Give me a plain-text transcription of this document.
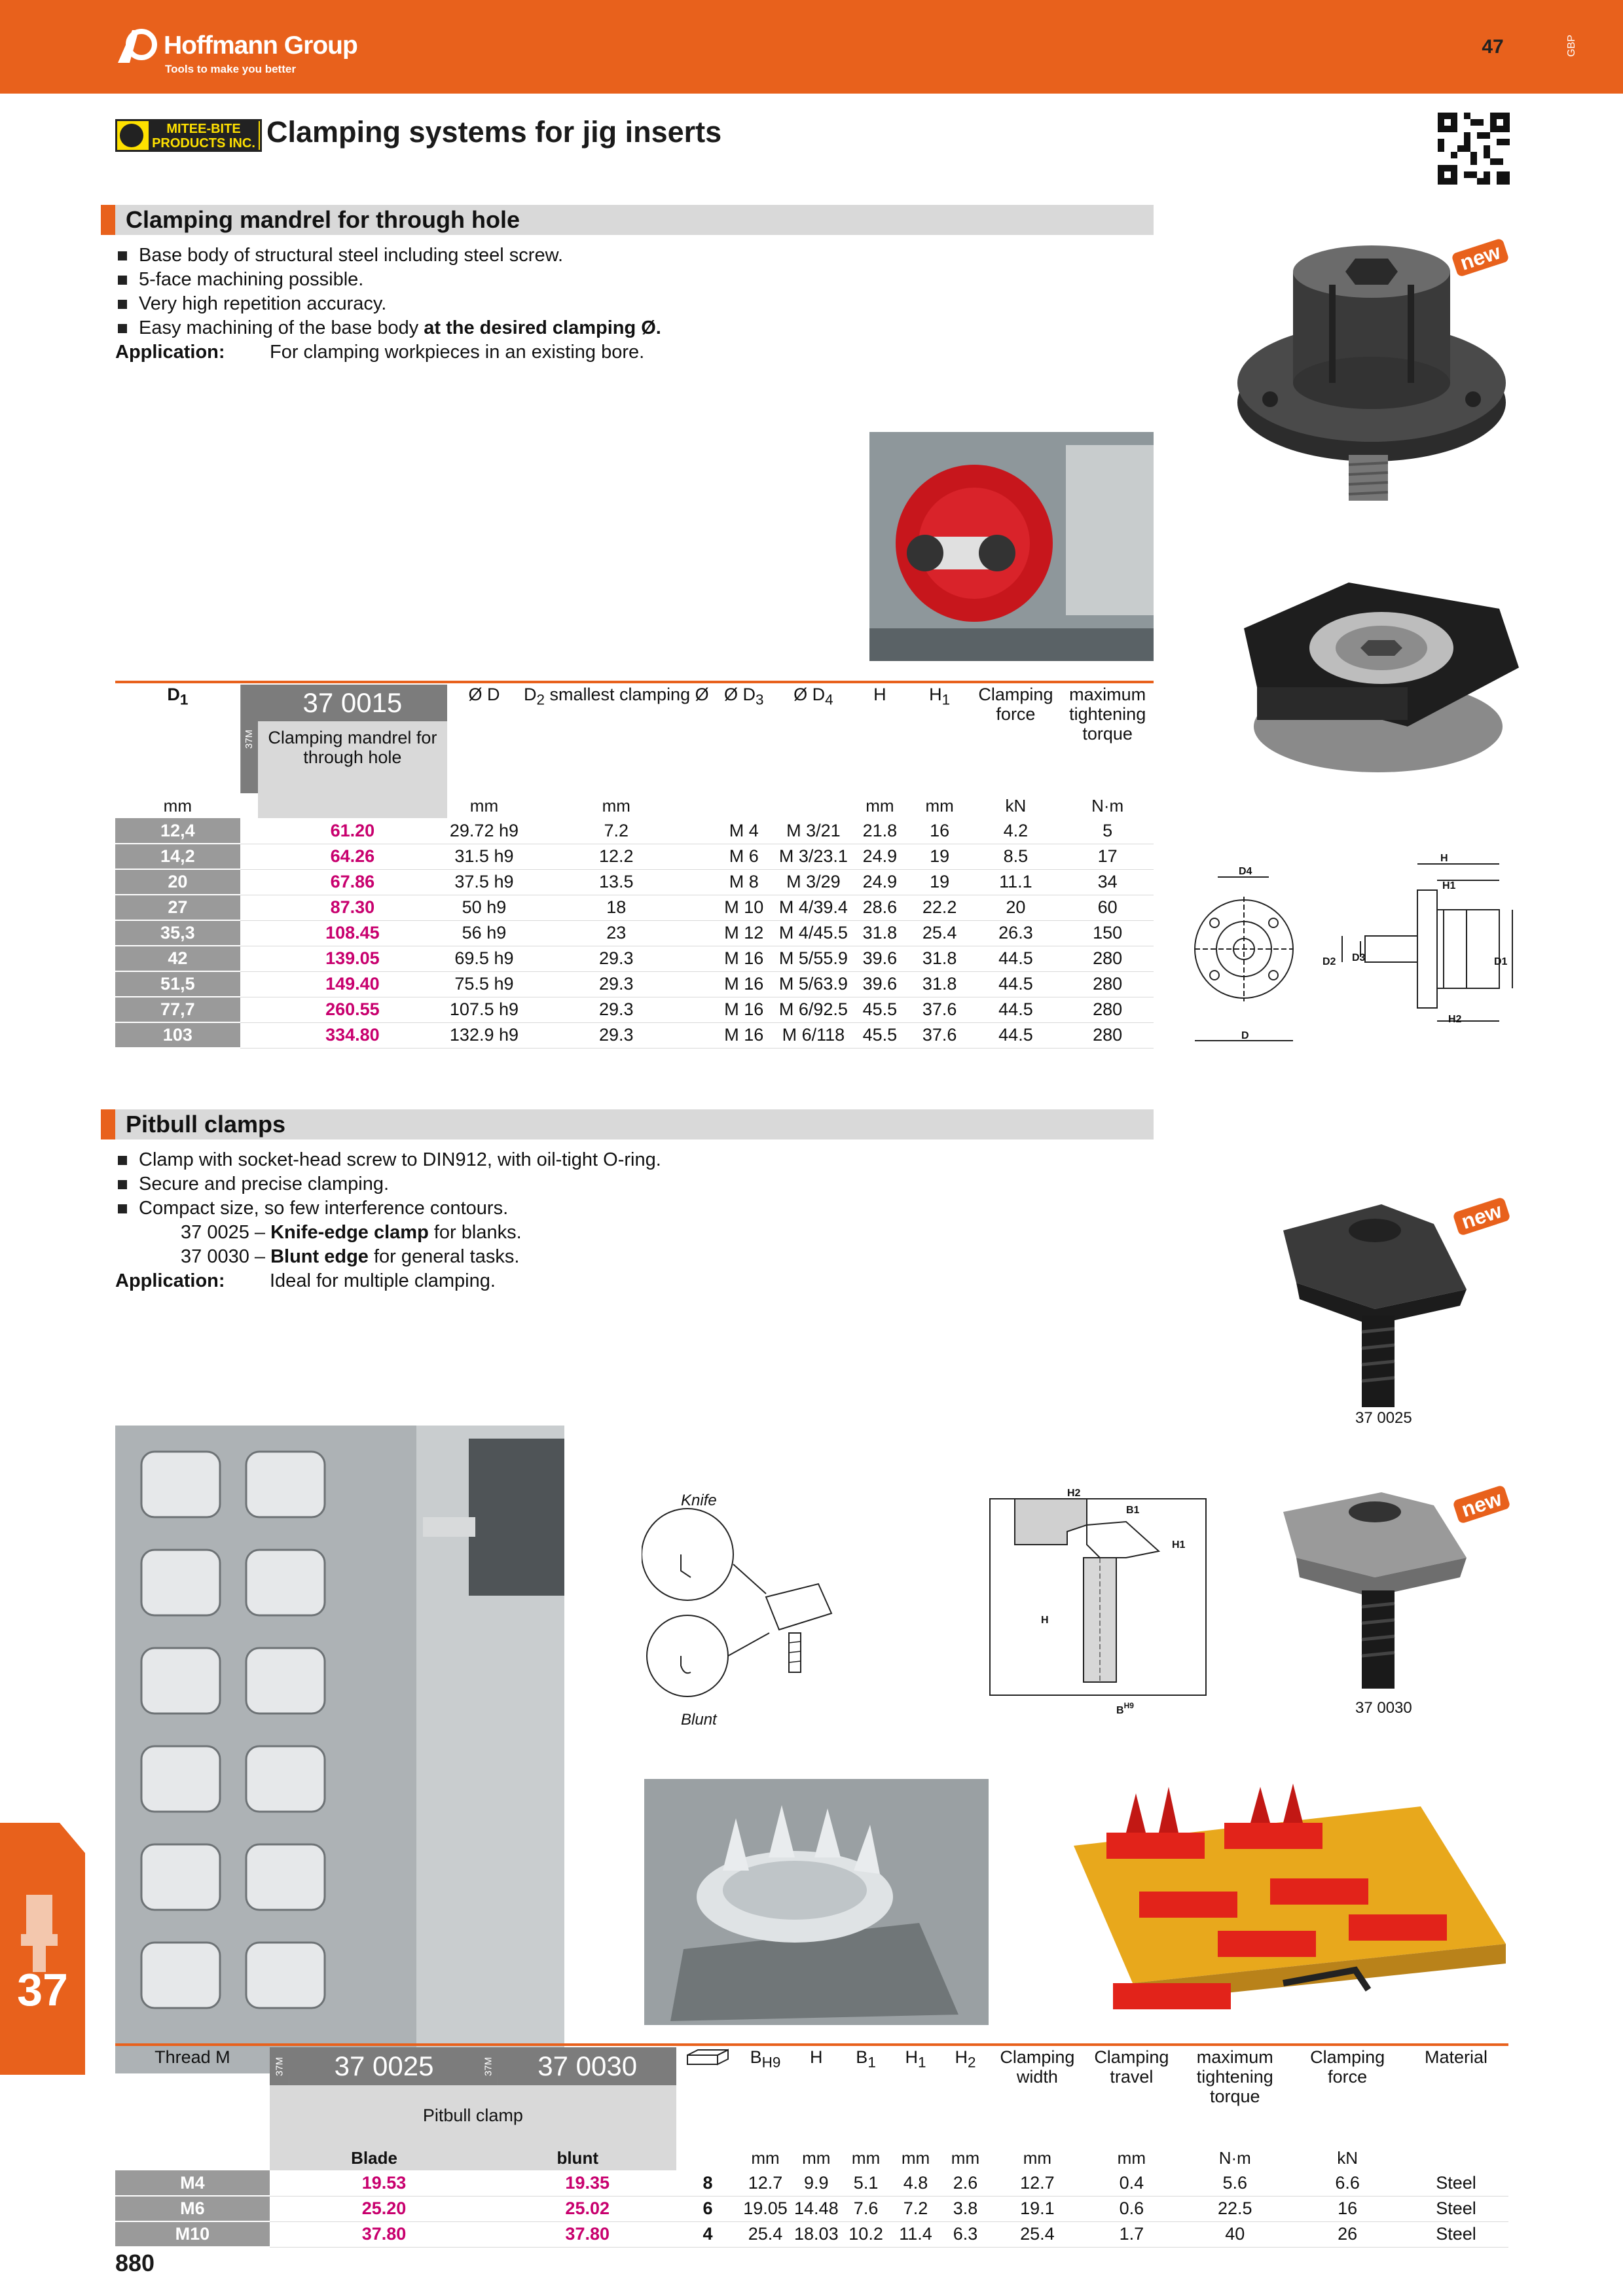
Hoffmann Group
Tools to make you better
47	GBP
MITEE-BITE PRODUCTS INC. Clamping systems for jig inserts
Clamping mandrel for through hole
Base body of structural steel including steel screw.
5-face machining possible.
Very high repetition accuracy.
Easy machining of the base body at the desired clamping Ø.
Application: For clamping workpieces in an existing bore.
new
D4
D
H
H1
D2 D3	D1
H2
$D_1$	37M	37 0015	Ø D	$D_2$ smallest clamping Ø	Ø $D_3$	Ø $D_4$	H	$H_1$	Clamping force	maximum tightening torque
		Clamping mandrel for through hole								

mm			mm	mm			mm	mm	kN	N·m
12,4		61.20	29.72 h9	7.2	M 4	M 3/21	21.8	16	4.2	5
14,2		64.26	31.5 h9	12.2	M 6	M 3/23.1	24.9	19	8.5	17
20		67.86	37.5 h9	13.5	M 8	M 3/29	24.9	19	11.1	34
27		87.30	50 h9	18	M 10	M 4/39.4	28.6	22.2	20	60
35,3		108.45	56 h9	23	M 12	M 4/45.5	31.8	25.4	26.3	150
42		139.05	69.5 h9	29.3	M 16	M 5/55.9	39.6	31.8	44.5	280
51,5		149.40	75.5 h9	29.3	M 16	M 5/63.9	39.6	31.8	44.5	280
77,7		260.55	107.5 h9	29.3	M 16	M 6/92.5	45.5	37.6	44.5	280
103		334.80	132.9 h9	29.3	M 16	M 6/118	45.5	37.6	44.5	280
Pitbull clamps
Clamp with socket-head screw to DIN912, with oil-tight O-ring.
Secure and precise clamping.
Compact size, so few interference contours.
37 0025 – Knife-edge clamp for blanks.
37 0030 – Blunt edge for general tasks.
Application: Ideal for multiple clamping.
new
37 0025
new
37 0030
Knife
Blunt
H2
B1
H1
H
$B^{H9}$
Thread M	37M	37 0025	37M	37 0030		$B_{H9}$	H	$B_1$	$H_1$	$H_2$	Clamping width	Clamping travel	maximum tightening torque	Clamping force	Material
	Pitbull clamp														
	Blade		blunt			mm	mm	mm	mm	mm	mm	mm	N·m	kN	
M4		19.53		19.35	8	12.7	9.9	5.1	4.8	2.6	12.7	0.4	5.6	6.6	Steel
M6		25.20		25.02	6	19.05	14.48	7.6	7.2	3.8	19.1	0.6	22.5	16	Steel
M10		37.80		37.80	4	25.4	18.03	10.2	11.4	6.3	25.4	1.7	40	26	Steel
880
37
